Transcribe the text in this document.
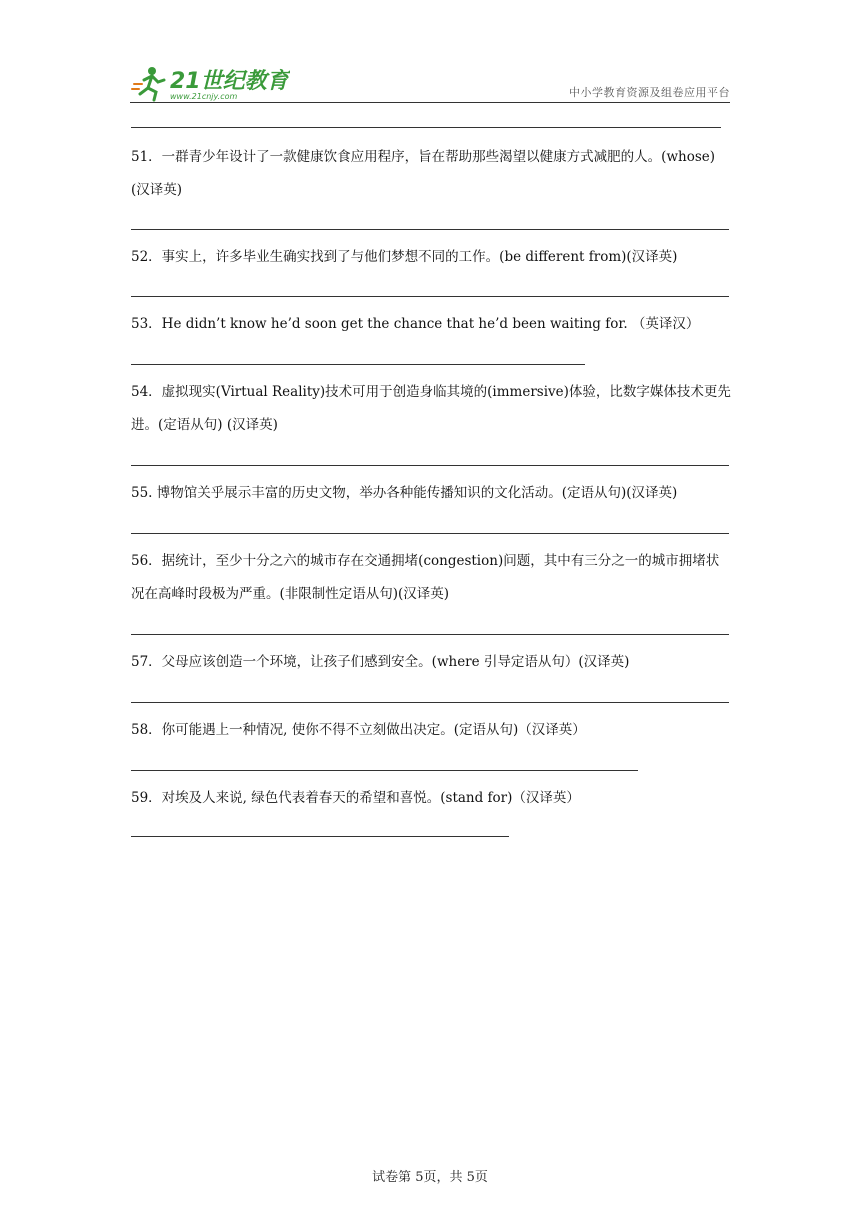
21世纪教育
www.21cnjy.com	中小学教育资源及组卷应用平台
51．一群青少年设计了一款健康饮食应用程序，旨在帮助那些渴望以健康方式减肥的人。(whose)(汉译英)
52．事实上，许多毕业生确实找到了与他们梦想不同的工作。(be different from)(汉译英)
53．He didn’t know he’d soon get the chance that he’d been waiting for. （英译汉）
54．虚拟现实(Virtual Reality)技术可用于创造身临其境的(immersive)体验，比数字媒体技术更先进。(定语从句) (汉译英)
55. 博物馆关乎展示丰富的历史文物，举办各种能传播知识的文化活动。(定语从句)(汉译英)
56．据统计，至少十分之六的城市存在交通拥堵(congestion)问题，其中有三分之一的城市拥堵状况在高峰时段极为严重。(非限制性定语从句)(汉译英)
57．父母应该创造一个环境，让孩子们感到安全。(where 引导定语从句）(汉译英)
58．你可能遇上一种情况, 使你不得不立刻做出决定。(定语从句)（汉译英）
59．对埃及人来说, 绿色代表着春天的希望和喜悦。(stand for)（汉译英）
试卷第 5页，共 5页
